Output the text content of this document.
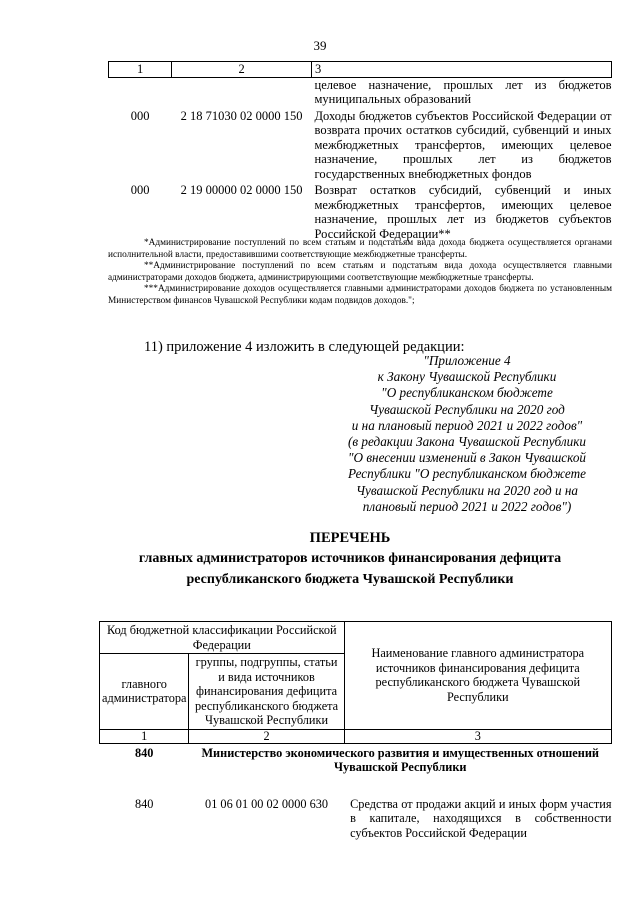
39
1	2	3
		целевое назначение, прошлых лет из бюджетов муниципальных образований
000	2 18 71030 02 0000 150	Доходы бюджетов субъектов Российской Федерации от возврата прочих остатков субсидий, субвенций и иных межбюджетных трансфертов, имеющих целевое назначение, прошлых лет из бюджетов государственных внебюджетных фондов
000	2 19 00000 02 0000 150	Возврат остатков субсидий, субвенций и иных межбюджетных трансфертов, имеющих целевое назначение, прошлых лет из бюджетов субъектов Российской Федерации**

*Администрирование поступлений по всем статьям и подстатьям вида дохода бюджета осуществляется органами исполнительной власти, предоставившими соответствующие межбюджетные трансферты.

**Администрирование поступлений по всем статьям и подстатьям вида дохода осуществляется главными администраторами доходов бюджета, администрирующими соответствующие межбюджетные трансферты.

***Администрирование доходов осуществляется главными администраторами доходов бюджета по установленным Министерством финансов Чувашской Республики кодам подвидов доходов.";

11) приложение 4 изложить в следующей редакции:
"Приложение 4
к Закону Чувашской Республики
"О республиканском бюджете
Чувашской Республики на 2020 год
и на плановый период 2021 и 2022 годов"
(в редакции Закона Чувашской Республики
"О внесении изменений в Закон Чувашской
Республики "О республиканском бюджете
Чувашской Республики на 2020 год и на
плановый период 2021 и 2022 годов")
ПЕРЕЧЕНЬ
главных администраторов источников финансирования дефицита
республиканского бюджета Чувашской Республики
Код бюджетной классификации Российской Федерации		Наименование главного администратора источников финансирования дефицита республиканского бюджета Чувашской Республики
главного администратора	группы, подгруппы, статьи и вида источников финансирования дефицита республиканского бюджета Чувашской Республики	
1	2	3
840	Министерство экономического развития и имущественных отношений Чувашской Республики	
840	01 06 01 00 02 0000 630	Средства от продажи акций и иных форм участия в капитале, находящихся в собственности субъектов Российской Федерации
